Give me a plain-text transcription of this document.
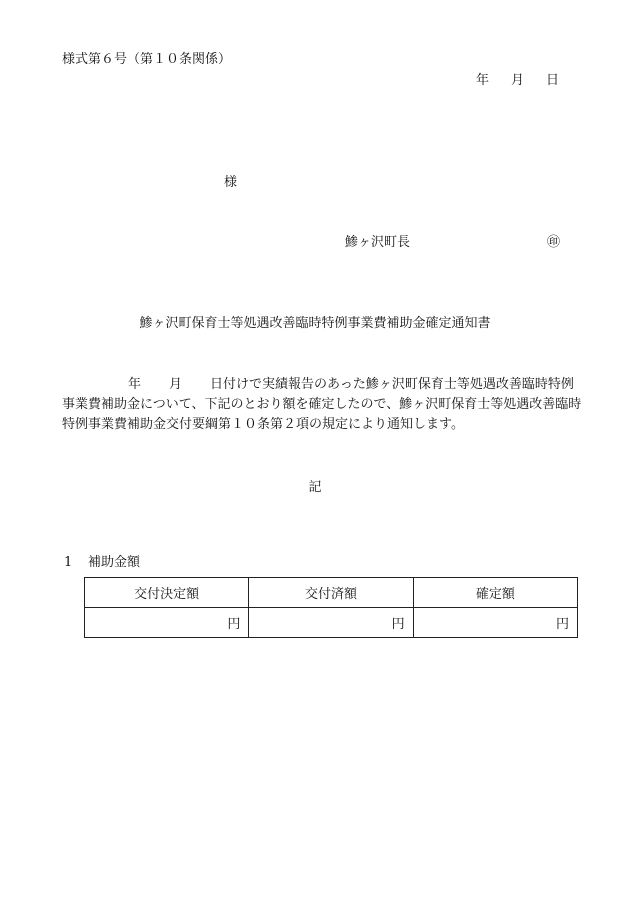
様式第６号（第１０条関係）
年 月 日
様
鯵ヶ沢町長	㊞
鯵ヶ沢町保育士等処遇改善臨時特例事業費補助金確定通知書
年 月 日付けで実績報告のあった鯵ヶ沢町保育士等処遇改善臨時特例事業費補助金について、下記のとおり額を確定したので、鯵ヶ沢町保育士等処遇改善臨時特例事業費補助金交付要綱第１０条第２項の規定により通知します。
記
1 補助金額
交付決定額	交付済額	確定額
円	円	円
